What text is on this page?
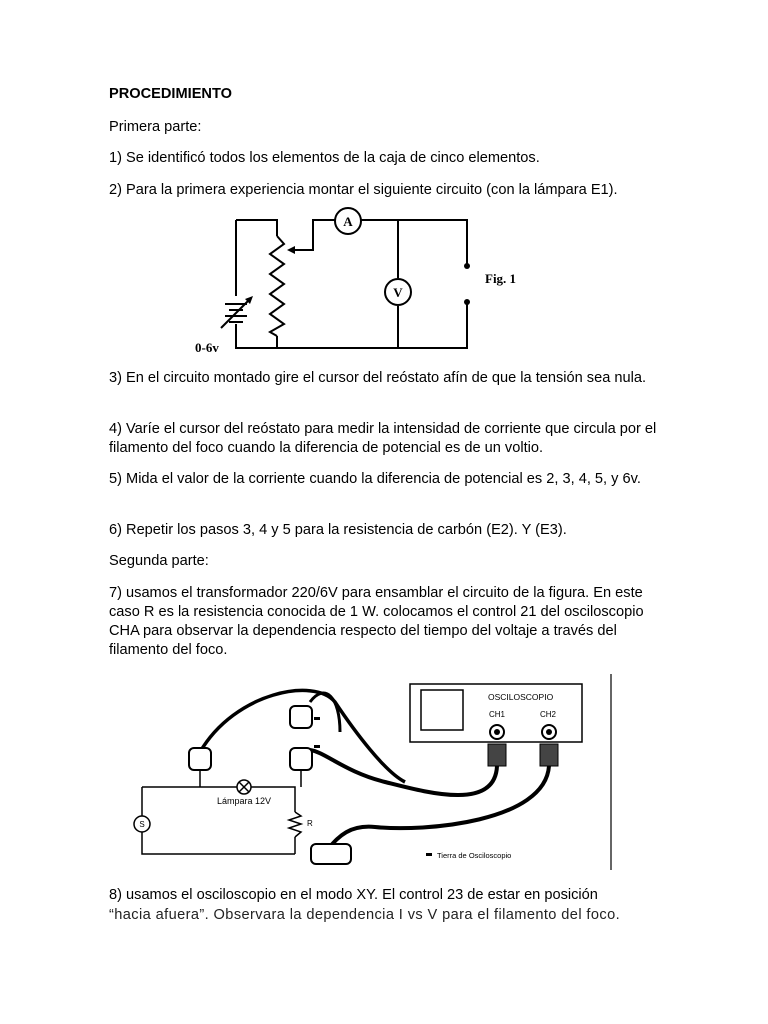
PROCEDIMIENTO
Primera parte:
1) Se identificó todos los elementos de la caja de cinco elementos.
2) Para la primera experiencia montar el siguiente circuito (con la lámpara E1).
A
V
Fig. 1
0-6v
3) En el circuito montado gire el cursor del reóstato afín de que la tensión sea nula.
4) Varíe el cursor del reóstato para medir la intensidad de corriente que circula por el filamento del foco cuando la diferencia de potencial es de un voltio.
5) Mida el valor de la corriente cuando la diferencia de potencial es 2, 3, 4, 5, y 6v.
6) Repetir los pasos 3, 4 y 5 para la resistencia de carbón (E2). Y (E3).
Segunda parte:
7) usamos el transformador 220/6V para ensamblar el circuito de la figura. En este caso R es la resistencia conocida de 1 W. colocamos el control 21 del osciloscopio CHA para observar la dependencia respecto del tiempo del voltaje a través del filamento del foco.
OSCILOSCOPIO
CH1	CH2
S
Lámpara 12V
R
Tierra de Osciloscopio
8) usamos el osciloscopio en el modo XY. El control 23 de estar en posición
“hacia afuera”. Observara la dependencia I vs V para el filamento del foco.
